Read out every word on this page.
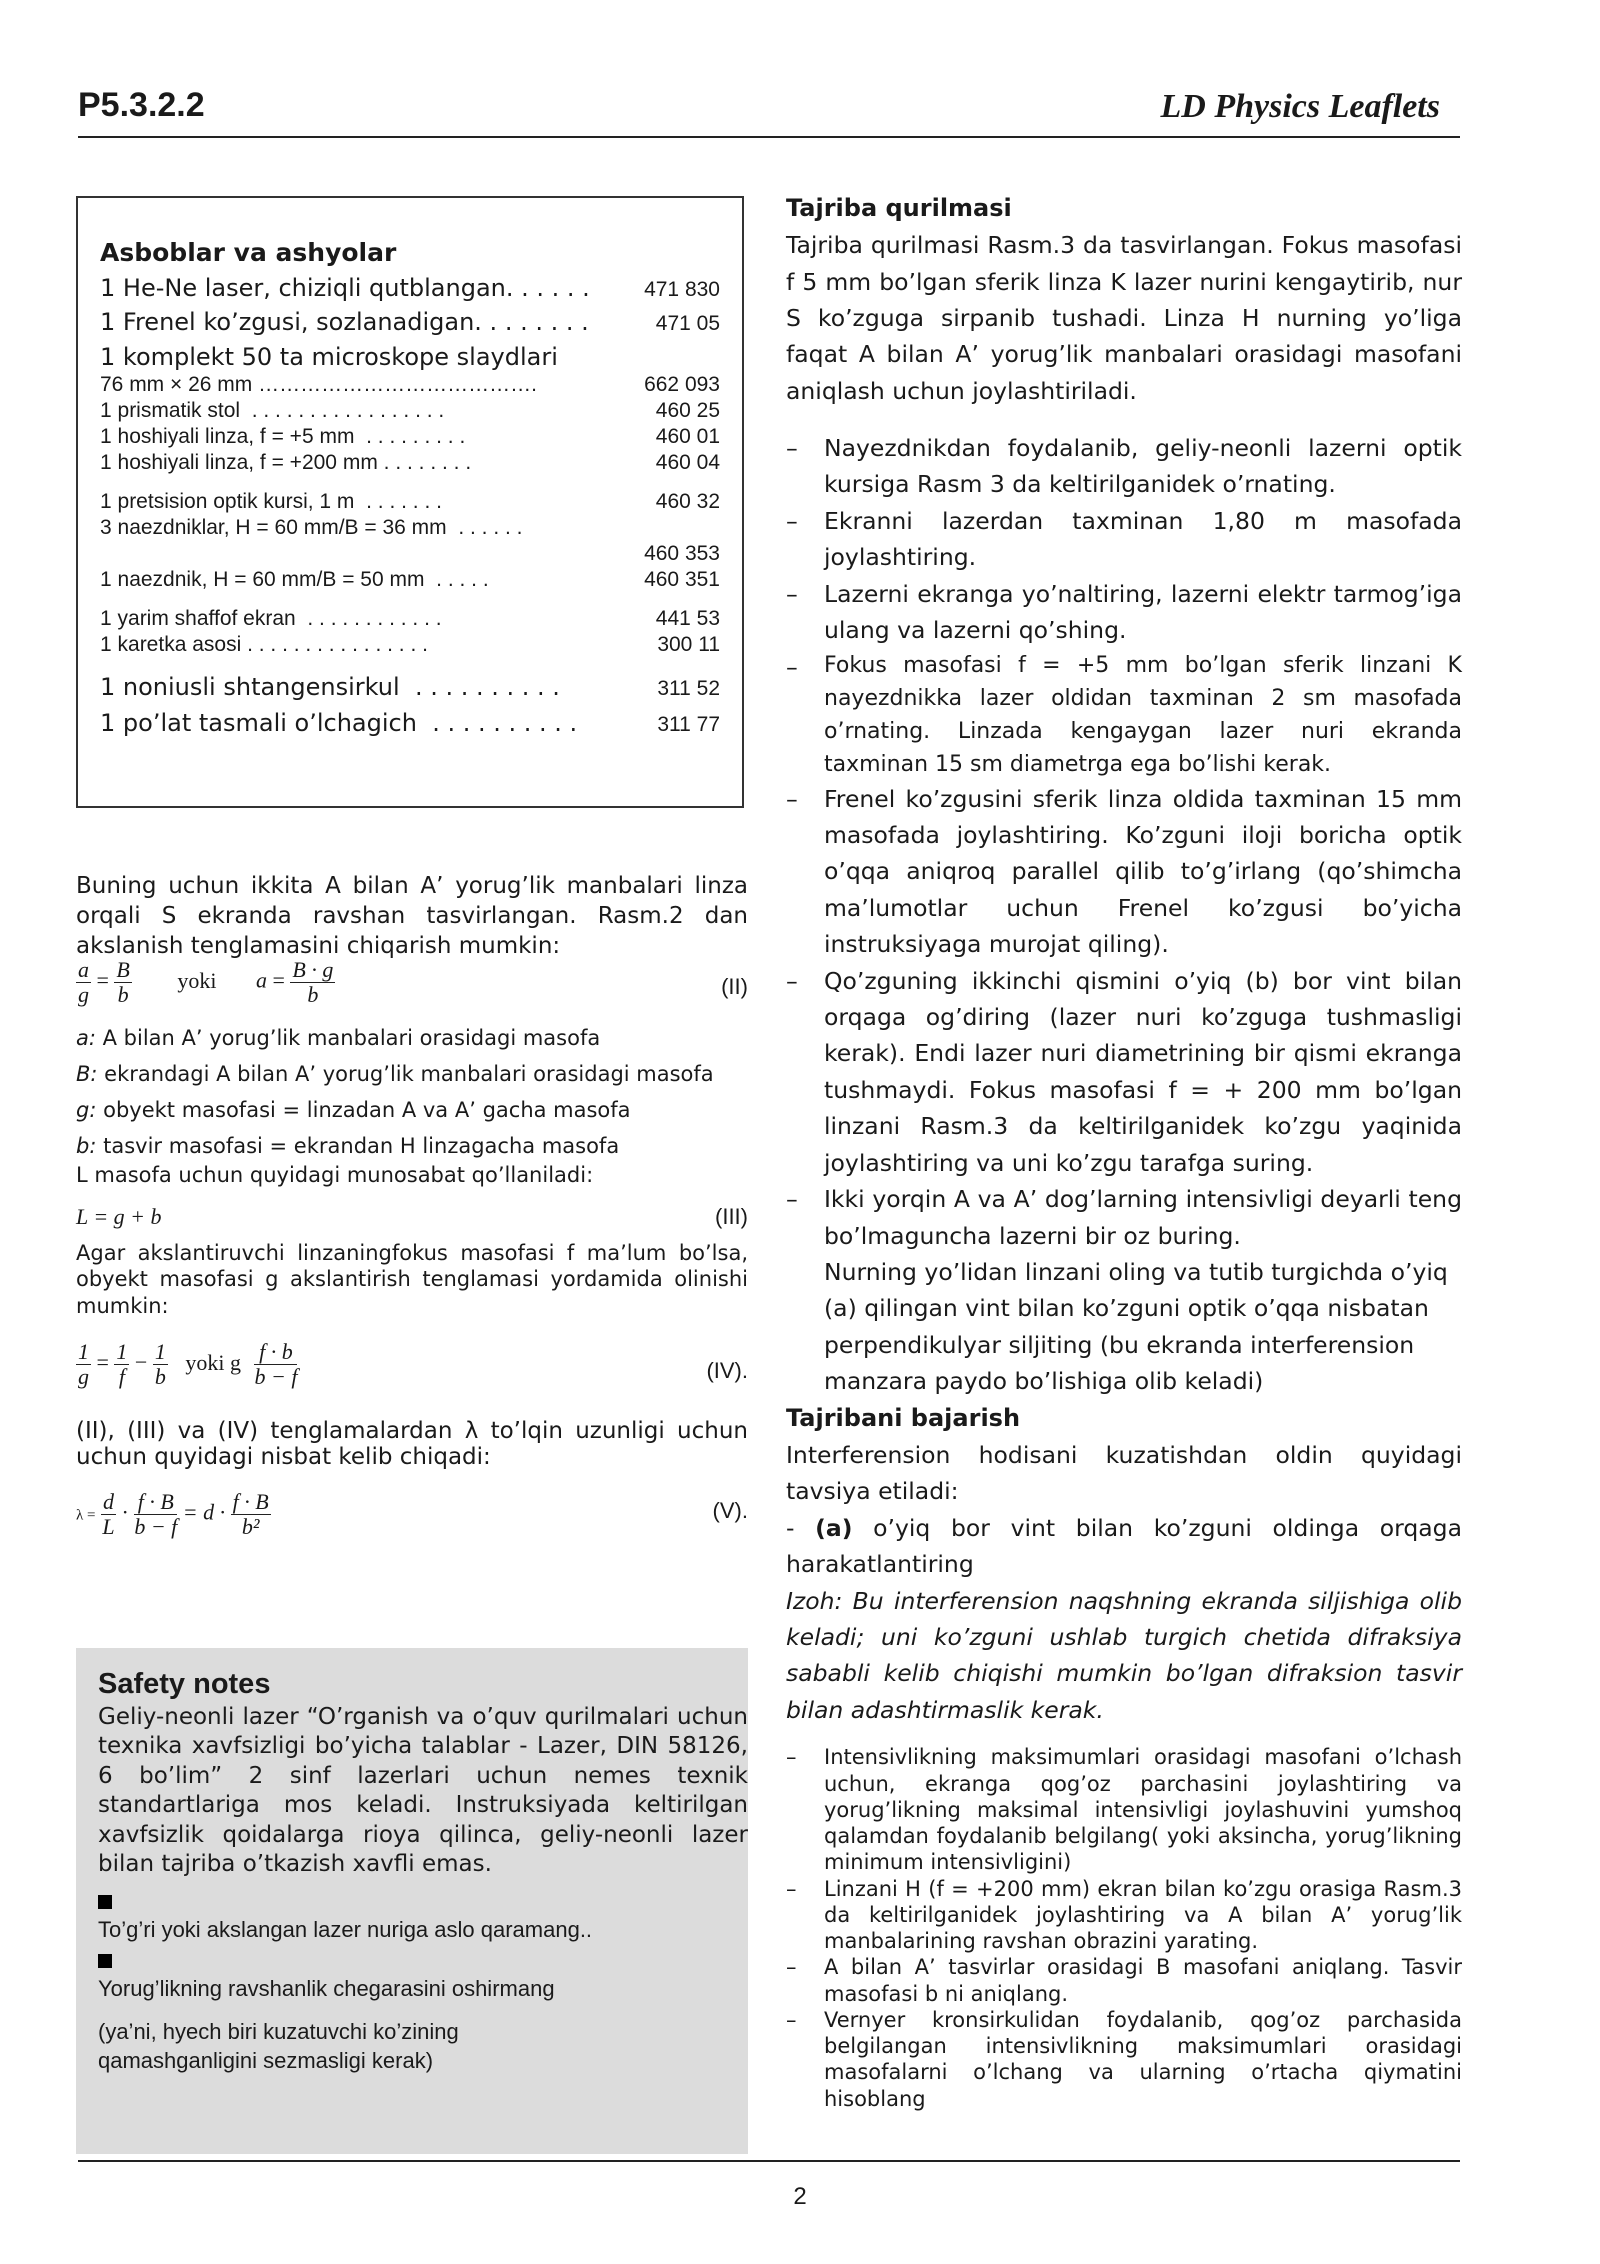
P5.3.2.2	LD Physics Leaflets
Asboblar va ashyolar
1 He-Ne laser, chiziqli qutblangan. . . . . .	471 830
1 Frenel ko’zgusi, sozlanadigan. . . . . . . .	471 05
1 komplekt 50 ta microskope slaydlari
76 mm × 26 mm ………………………………….	662 093
1 prismatik stol  . . . . . . . . . . . . . . . . .	460 25
1 hoshiyali linza, f = +5 mm  . . . . . . . . .	460 01
1 hoshiyali linza, f = +200 mm . . . . . . . .	460 04
1 pretsision optik kursi, 1 m  . . . . . . .	460 32
3 naezdniklar, H = 60 mm/B = 36 mm  . . . . . .
460 353
1 naezdnik, H = 60 mm/B = 50 mm  . . . . .	460 351
1 yarim shaffof ekran  . . . . . . . . . . . .	441 53
1 karetka asosi . . . . . . . . . . . . . . . .	300 11
1 noniusli shtangensirkul  . . . . . . . . . .	311 52
1 po’lat tasmali o’lchagich  . . . . . . . . . .	311 77
Buning uchun ikkita A bilan A’ yorug’lik manbalari linza orqali S ekranda ravshan tasvirlangan. Rasm.2 dan akslanish tenglamasini chiqarish mumkin:
$\frac{a}{g} = \frac{B}{b}$ yoki $a = \frac{B \cdot g}{b}$	(II)
a: A bilan A’ yorug’lik manbalari orasidagi masofa
B: ekrandagi A bilan A’ yorug’lik manbalari orasidagi masofa
g: obyekt masofasi = linzadan A va A’ gacha masofa
b: tasvir masofasi = ekrandan H linzagacha masofa
L masofa uchun quyidagi munosabat qo’llaniladi:
L = g + b	(III)
Agar akslantiruvchi linzaningfokus masofasi f ma’lum bo’lsa, obyekt masofasi g akslantirish tenglamasi yordamida olinishi mumkin:
$\frac{1}{g} = \frac{1}{f} - \frac{1}{b}$ yoki g $\frac{f \cdot b}{b - f}$	(IV).
(II), (III) va (IV) tenglamalardan λ to’lqin uzunligi uchun uchun quyidagi nisbat kelib chiqadi:
$\lambda = \frac{d}{L} \cdot \frac{f \cdot B}{b - f} = d \cdot \frac{f \cdot B}{\text{b²}}$	(V).
Safety notes
Geliy-neonli lazer “O’rganish va o’quv qurilmalari uchun texnika xavfsizligi bo’yicha talablar - Lazer, DIN 58126, 6 bo’lim” 2 sinf lazerlari uchun nemes texnik standartlariga mos keladi. Instruksiyada keltirilgan xavfsizlik qoidalarga rioya qilinca, geliy-neonli lazer bilan tajriba o’tkazish xavfli emas.

To’g’ri yoki akslangan lazer nuriga aslo qaramang..

Yorug’likning ravshanlik chegarasini oshirmang
(ya’ni, hyech biri kuzatuvchi ko’zining qamashganligini sezmasligi kerak)
Tajriba qurilmasi
Tajriba qurilmasi Rasm.3 da tasvirlangan. Fokus masofasi f 5 mm bo’lgan sferik linza K lazer nurini kengaytirib, nur S ko’zguga sirpanib tushadi. Linza H nurning yo’liga faqat A bilan A’ yorug’lik manbalari orasidagi masofani aniqlash uchun joylashtiriladi.
–	Nayezdnikdan foydalanib, geliy-neonli lazerni optik kursiga Rasm 3 da keltirilganidek o’rnating.
–	Ekranni lazerdan taxminan 1,80 m masofada joylashtiring.
–	Lazerni ekranga yo’naltiring, lazerni elektr tarmog’iga ulang va lazerni qo’shing.
–	Fokus masofasi f = +5 mm bo’lgan sferik linzani K nayezdnikka lazer oldidan taxminan 2 sm masofada o’rnating. Linzada kengaygan lazer nuri ekranda taxminan 15 sm diametrga ega bo’lishi kerak.
–	Frenel ko’zgusini sferik linza oldida taxminan 15 mm masofada joylashtiring. Ko’zguni iloji boricha optik o’qqa aniqroq parallel qilib to’g’irlang (qo’shimcha ma’lumotlar uchun Frenel ko’zgusi bo’yicha instruksiyaga murojat qiling).
–	Qo’zguning ikkinchi qismini o’yiq (b) bor vint bilan orqaga og’diring (lazer nuri ko’zguga tushmasligi kerak). Endi lazer nuri diametrining bir qismi ekranga tushmaydi. Fokus masofasi f = + 200 mm bo’lgan linzani Rasm.3 da keltirilganidek ko’zgu yaqinida joylashtiring va uni ko’zgu tarafga suring.
–	Ikki yorqin A va A’ dog’larning intensivligi deyarli teng bo’lmaguncha lazerni bir oz buring.
Nurning yo’lidan linzani oling va tutib turgichda o’yiq (a) qilingan vint bilan ko’zguni optik o’qqa nisbatan perpendikulyar siljiting (bu ekranda interferension manzara paydo bo’lishiga olib keladi)
Tajribani bajarish
Interferension hodisani kuzatishdan oldin quyidagi tavsiya etiladi:
- (a) o’yiq bor vint bilan ko’zguni oldinga orqaga harakatlantiring
Izoh: Bu interferension naqshning ekranda siljishiga olib keladi; uni ko’zguni ushlab turgich chetida difraksiya sababli kelib chiqishi mumkin bo’lgan difraksion tasvir bilan adashtirmaslik kerak.
–	Intensivlikning maksimumlari orasidagi masofani o’lchash uchun, ekranga qog’oz parchasini joylashtiring va yorug’likning maksimal intensivligi joylashuvini yumshoq qalamdan foydalanib belgilang( yoki aksincha, yorug’likning minimum intensivligini)
–	Linzani H (f = +200 mm) ekran bilan ko’zgu orasiga Rasm.3 da keltirilganidek joylashtiring va A bilan A’ yorug’lik manbalarining ravshan obrazini yarating.
–	A bilan A’ tasvirlar orasidagi B masofani aniqlang. Tasvir masofasi b ni aniqlang.
–	Vernyer kronsirkulidan foydalanib, qog’oz parchasida belgilangan intensivlikning maksimumlari orasidagi masofalarni o’lchang va ularning o’rtacha qiymatini hisoblang
2
